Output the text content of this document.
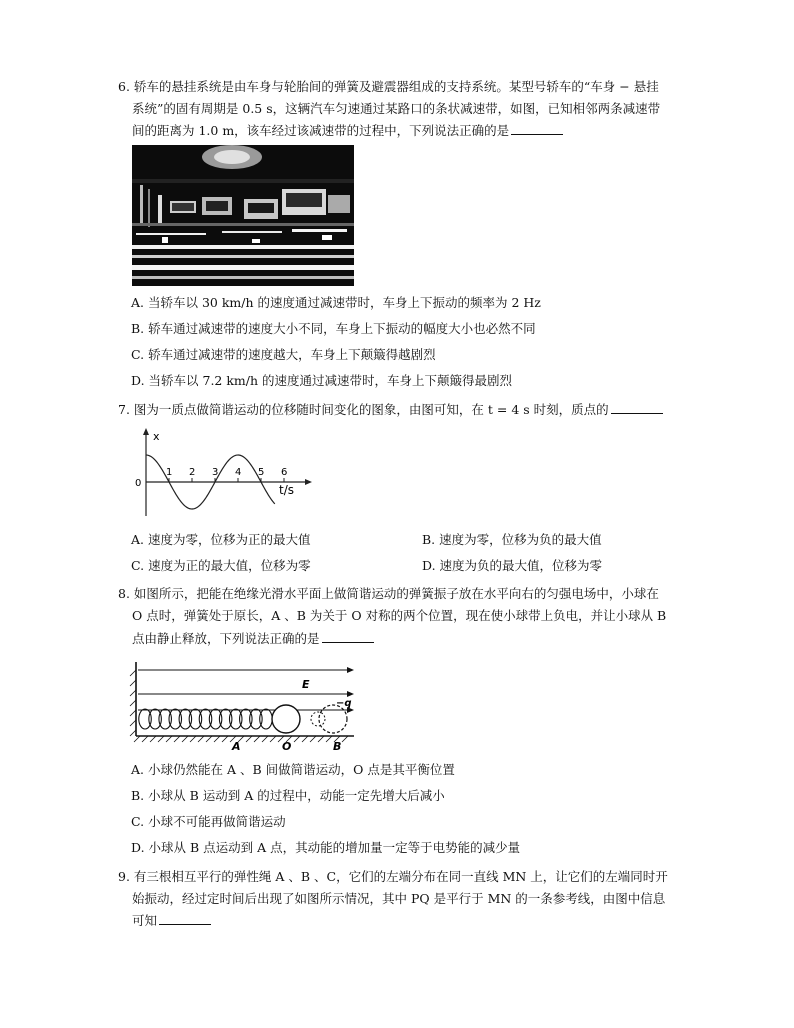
6. 轿车的悬挂系统是由车身与轮胎间的弹簧及避震器组成的支持系统。某型号轿车的“车身 − 悬挂
系统”的固有周期是 0.5 s，这辆汽车匀速通过某路口的条状减速带，如图，已知相邻两条减速带
间的距离为 1.0 m，该车经过该减速带的过程中，下列说法正确的是
A. 当轿车以 30 km/h 的速度通过减速带时，车身上下振动的频率为 2 Hz
B. 轿车通过减速带的速度大小不同，车身上下振动的幅度大小也必然不同
C. 轿车通过减速带的速度越大，车身上下颠簸得越剧烈
D. 当轿车以 7.2 km/h 的速度通过减速带时，车身上下颠簸得最剧烈
7. 图为一质点做简谐运动的位移随时间变化的图象，由图可知，在 t = 4 s 时刻，质点的
x
0	t/s
1 2 3 4 5 6
A. 速度为零，位移为正的最大值	B. 速度为零，位移为负的最大值
C. 速度为正的最大值，位移为零	D. 速度为负的最大值，位移为零
8. 如图所示，把能在绝缘光滑水平面上做简谐运动的弹簧振子放在水平向右的匀强电场中，小球在
O 点时，弹簧处于原长，A 、B 为关于 O 对称的两个位置，现在使小球带上负电，并让小球从 B
点由静止释放，下列说法正确的是
E
−q
A	O	B
A. 小球仍然能在 A 、B 间做简谐运动，O 点是其平衡位置
B. 小球从 B 运动到 A 的过程中，动能一定先增大后减小
C. 小球不可能再做简谐运动
D. 小球从 B 点运动到 A 点，其动能的增加量一定等于电势能的减少量
9. 有三根相互平行的弹性绳 A 、B 、C，它们的左端分布在同一直线 MN 上，让它们的左端同时开
始振动，经过定时间后出现了如图所示情况，其中 PQ 是平行于 MN 的一条参考线，由图中信息
可知
